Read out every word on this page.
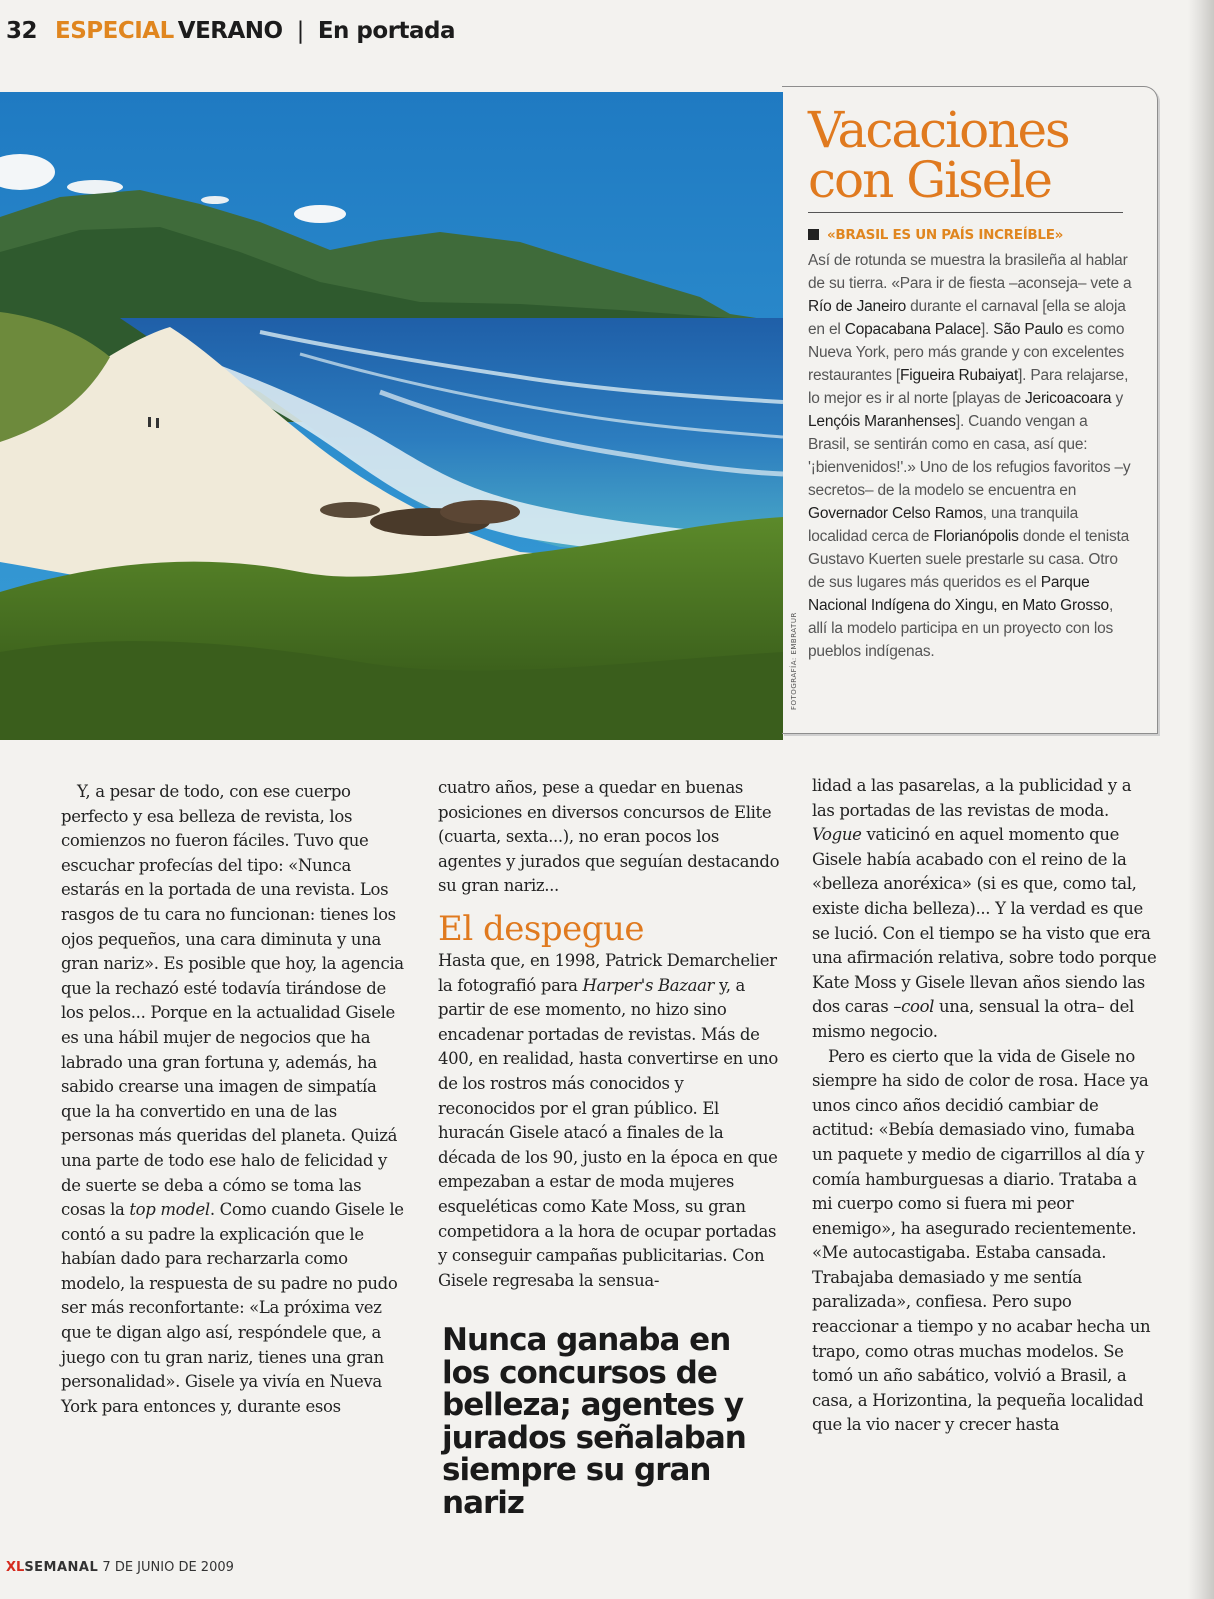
32 ESPECIAL VERANO | En portada
FOTOGRAFÍA: EMBRATUR
Vacaciones
con Gisele
«BRASIL ES UN PAÍS INCREÍBLE»
Así de rotunda se muestra la brasileña al hablar de su tierra. «Para ir de fiesta –aconseja– vete a Río de Janeiro durante el carnaval [ella se aloja en el Copacabana Palace]. São Paulo es como Nueva York, pero más grande y con excelentes restaurantes [Figueira Rubaiyat]. Para relajarse, lo mejor es ir al norte [playas de Jericoacoara y Lençóis Maranhenses]. Cuando vengan a Brasil, se sentirán como en casa, así que: '¡bienvenidos!'.» Uno de los refugios favoritos –y secretos– de la modelo se encuentra en Governador Celso Ramos, una tranquila localidad cerca de Florianópolis donde el tenista Gustavo Kuerten suele prestarle su casa. Otro de sus lugares más queridos es el Parque Nacional Indígena do Xingu, en Mato Grosso, allí la modelo participa en un proyecto con los pueblos indígenas.

Y, a pesar de todo, con ese cuerpo perfecto y esa belleza de revista, los comienzos no fueron fáciles. Tuvo que escuchar profecías del tipo: «Nunca estarás en la portada de una revista. Los rasgos de tu cara no funcionan: tienes los ojos pequeños, una cara diminuta y una gran nariz». Es posible que hoy, la agencia que la rechazó esté todavía tirándose de los pelos... Porque en la actualidad Gisele es una hábil mujer de negocios que ha labrado una gran fortuna y, además, ha sabido crearse una imagen de simpatía que la ha convertido en una de las personas más queridas del planeta. Quizá una parte de todo ese halo de felicidad y de suerte se deba a cómo se toma las cosas la top model. Como cuando Gisele le contó a su padre la explicación que le habían dado para recharzarla como modelo, la respuesta de su padre no pudo ser más reconfortante: «La próxima vez que te digan algo así, respóndele que, a juego con tu gran nariz, tienes una gran personalidad». Gisele ya vivía en Nueva York para entonces y, durante esos

cuatro años, pese a quedar en buenas posiciones en diversos concursos de Elite (cuarta, sexta...), no eran pocos los agentes y jurados que seguían destacando su gran nariz...

El despegue

Hasta que, en 1998, Patrick Demarchelier la fotografió para Harper's Bazaar y, a partir de ese momento, no hizo sino encadenar portadas de revistas. Más de 400, en realidad, hasta convertirse en uno de los rostros más conocidos y reconocidos por el gran público. El huracán Gisele atacó a finales de la década de los 90, justo en la época en que empezaban a estar de moda mujeres esqueléticas como Kate Moss, su gran competidora a la hora de ocupar portadas y conseguir campañas publicitarias. Con Gisele regresaba la sensua-

Nunca ganaba en los concursos de belleza; agentes y jurados señalaban siempre su gran nariz

lidad a las pasarelas, a la publicidad y a las portadas de las revistas de moda. Vogue vaticinó en aquel momento que Gisele había acabado con el reino de la «belleza anoréxica» (si es que, como tal, existe dicha belleza)... Y la verdad es que se lució. Con el tiempo se ha visto que era una afirmación relativa, sobre todo porque Kate Moss y Gisele llevan años siendo las dos caras –cool una, sensual la otra– del mismo negocio.

Pero es cierto que la vida de Gisele no siempre ha sido de color de rosa. Hace ya unos cinco años decidió cambiar de actitud: «Bebía demasiado vino, fumaba un paquete y medio de cigarrillos al día y comía hamburguesas a diario. Trataba a mi cuerpo como si fuera mi peor enemigo», ha asegurado recientemente. «Me autocastigaba. Estaba cansada. Trabajaba demasiado y me sentía paralizada», confiesa. Pero supo reaccionar a tiempo y no acabar hecha un trapo, como otras muchas modelos. Se tomó un año sabático, volvió a Brasil, a casa, a Horizontina, la pequeña localidad que la vio nacer y crecer hasta

XLSEMANAL 7 DE JUNIO DE 2009
